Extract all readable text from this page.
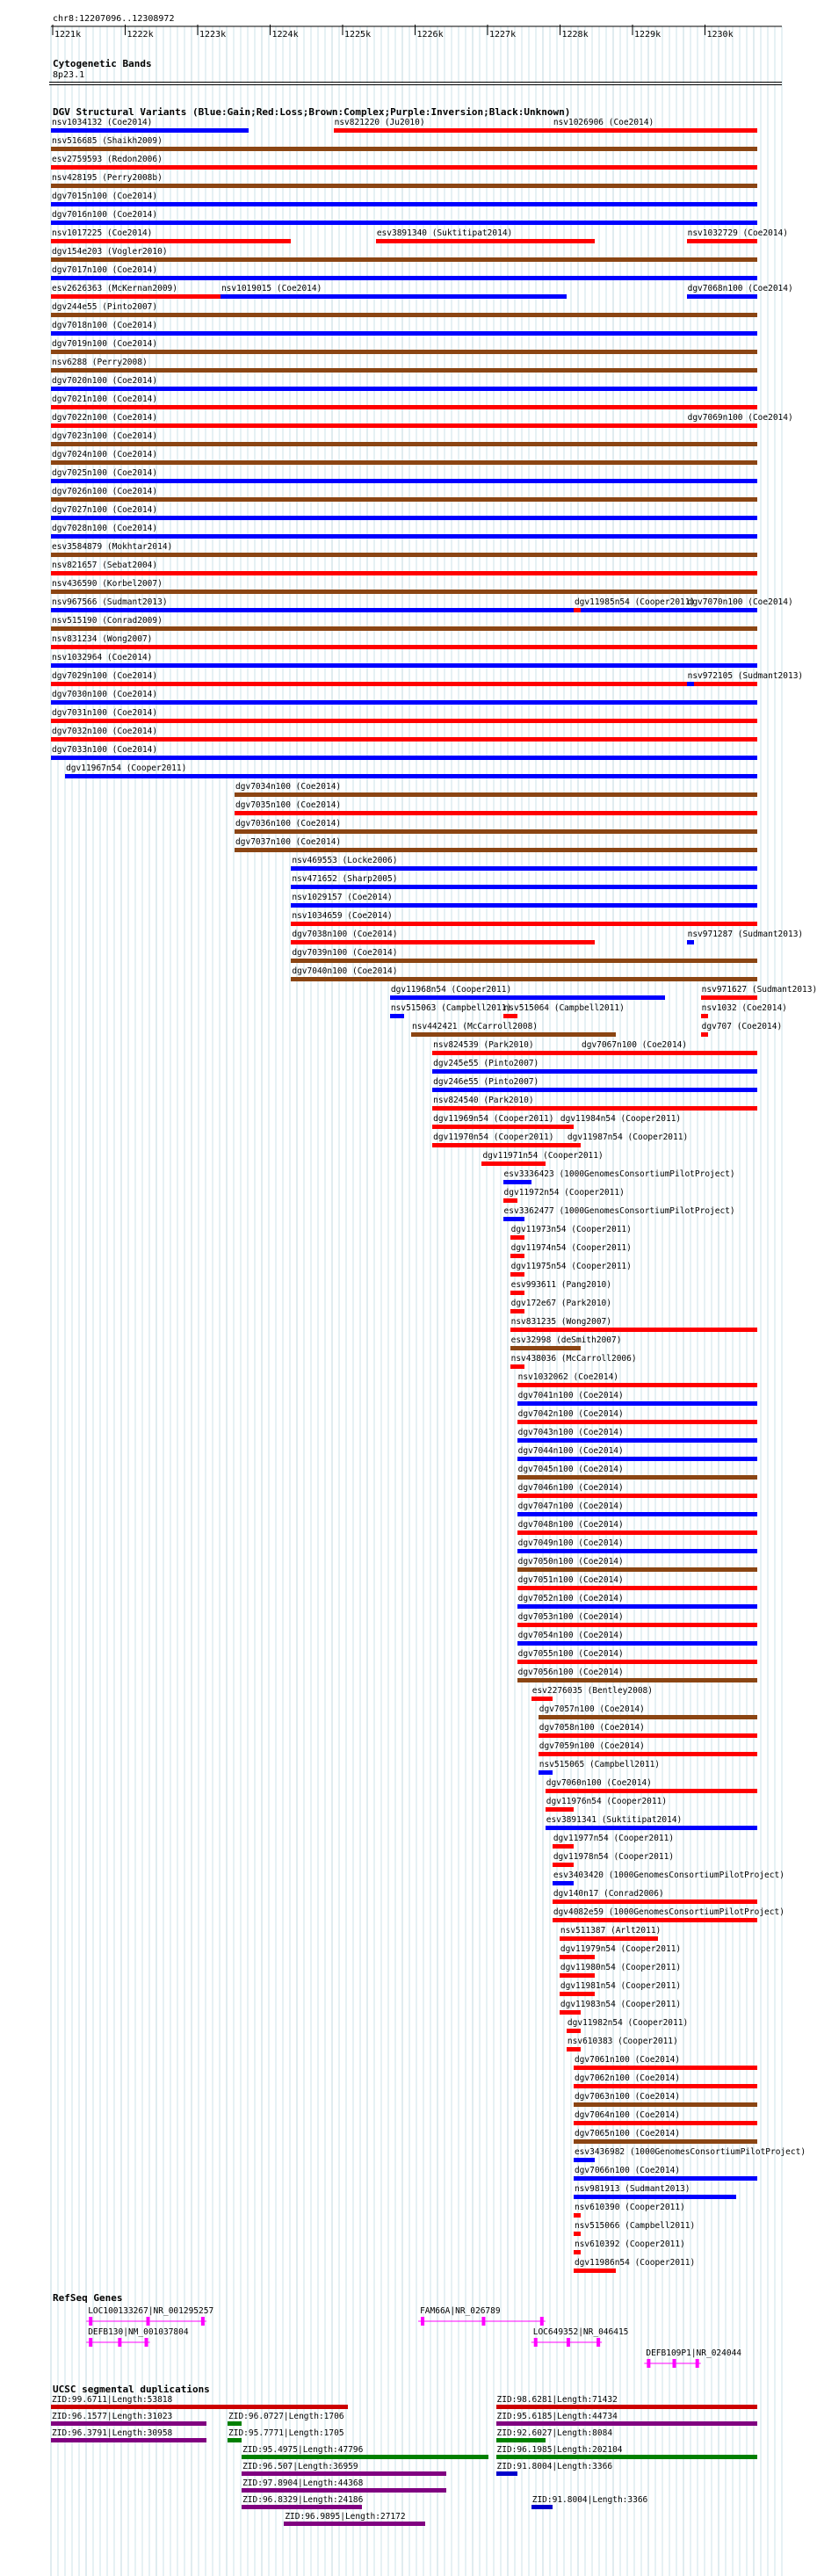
1221k	1222k	1223k	1224k	1225k	1226k	1227k	1228k	1229k	1230k
chr8:12207096..12308972
Cytogenetic Bands
8p23.1
DGV Structural Variants (Blue:Gain;Red:Loss;Brown:Complex;Purple:Inversion;Black:Unknown)
nsv1034132 (Coe2014)	nsv821220 (Ju2010)	nsv1026906 (Coe2014)
nsv516685 (Shaikh2009)
esv2759593 (Redon2006)
nsv428195 (Perry2008b)
dgv7015n100 (Coe2014)
dgv7016n100 (Coe2014)
nsv1017225 (Coe2014)	esv3891340 (Suktitipat2014)	nsv1032729 (Coe2014)
dgv154e203 (Vogler2010)
dgv7017n100 (Coe2014)
esv2626363 (McKernan2009)	nsv1019015 (Coe2014)	dgv7068n100 (Coe2014)
dgv244e55 (Pinto2007)
dgv7018n100 (Coe2014)
dgv7019n100 (Coe2014)
nsv6288 (Perry2008)
dgv7020n100 (Coe2014)
dgv7021n100 (Coe2014)
dgv7022n100 (Coe2014)	dgv7069n100 (Coe2014)
dgv7023n100 (Coe2014)
dgv7024n100 (Coe2014)
dgv7025n100 (Coe2014)
dgv7026n100 (Coe2014)
dgv7027n100 (Coe2014)
dgv7028n100 (Coe2014)
esv3584879 (Mokhtar2014)
nsv821657 (Sebat2004)
nsv436590 (Korbel2007)
nsv967566 (Sudmant2013)	dgv11985n54 (Cooper2011)
dgv7070n100 (Coe2014)
nsv515190 (Conrad2009)
nsv831234 (Wong2007)
nsv1032964 (Coe2014)
dgv7029n100 (Coe2014)	nsv972105 (Sudmant2013)
dgv7030n100 (Coe2014)
dgv7031n100 (Coe2014)
dgv7032n100 (Coe2014)
dgv7033n100 (Coe2014)
dgv11967n54 (Cooper2011)
dgv7034n100 (Coe2014)
dgv7035n100 (Coe2014)
dgv7036n100 (Coe2014)
dgv7037n100 (Coe2014)
nsv469553 (Locke2006)
nsv471652 (Sharp2005)
nsv1029157 (Coe2014)
nsv1034659 (Coe2014)
dgv7038n100 (Coe2014)	nsv971287 (Sudmant2013)
dgv7039n100 (Coe2014)
dgv7040n100 (Coe2014)
dgv11968n54 (Cooper2011)	nsv971627 (Sudmant2013)
nsv515063 (Campbell2011)
nsv515064 (Campbell2011)	nsv1032 (Coe2014)
nsv442421 (McCarroll2008)	dgv707 (Coe2014)
nsv824539 (Park2010)	dgv7067n100 (Coe2014)
dgv245e55 (Pinto2007)
dgv246e55 (Pinto2007)
nsv824540 (Park2010)
dgv11969n54 (Cooper2011) dgv11984n54 (Cooper2011)
dgv11970n54 (Cooper2011) dgv11987n54 (Cooper2011)
dgv11971n54 (Cooper2011)
esv3336423 (1000GenomesConsortiumPilotProject)
dgv11972n54 (Cooper2011)
esv3362477 (1000GenomesConsortiumPilotProject)
dgv11973n54 (Cooper2011)
dgv11974n54 (Cooper2011)
dgv11975n54 (Cooper2011)
esv993611 (Pang2010)
dgv172e67 (Park2010)
nsv831235 (Wong2007)
esv32998 (deSmith2007)
nsv438036 (McCarroll2006)
nsv1032062 (Coe2014)
dgv7041n100 (Coe2014)
dgv7042n100 (Coe2014)
dgv7043n100 (Coe2014)
dgv7044n100 (Coe2014)
dgv7045n100 (Coe2014)
dgv7046n100 (Coe2014)
dgv7047n100 (Coe2014)
dgv7048n100 (Coe2014)
dgv7049n100 (Coe2014)
dgv7050n100 (Coe2014)
dgv7051n100 (Coe2014)
dgv7052n100 (Coe2014)
dgv7053n100 (Coe2014)
dgv7054n100 (Coe2014)
dgv7055n100 (Coe2014)
dgv7056n100 (Coe2014)
esv2276035 (Bentley2008)
dgv7057n100 (Coe2014)
dgv7058n100 (Coe2014)
dgv7059n100 (Coe2014)
nsv515065 (Campbell2011)
dgv7060n100 (Coe2014)
dgv11976n54 (Cooper2011)
esv3891341 (Suktitipat2014)
dgv11977n54 (Cooper2011)
dgv11978n54 (Cooper2011)
esv3403420 (1000GenomesConsortiumPilotProject)
dgv140n17 (Conrad2006)
dgv4082e59 (1000GenomesConsortiumPilotProject)
nsv511387 (Arlt2011)
dgv11979n54 (Cooper2011)
dgv11980n54 (Cooper2011)
dgv11981n54 (Cooper2011)
dgv11983n54 (Cooper2011)
dgv11982n54 (Cooper2011)
nsv610383 (Cooper2011)
dgv7061n100 (Coe2014)
dgv7062n100 (Coe2014)
dgv7063n100 (Coe2014)
dgv7064n100 (Coe2014)
dgv7065n100 (Coe2014)
esv3436982 (1000GenomesConsortiumPilotProject)
dgv7066n100 (Coe2014)
nsv981913 (Sudmant2013)
nsv610390 (Cooper2011)
nsv515066 (Campbell2011)
nsv610392 (Cooper2011)
dgv11986n54 (Cooper2011)
RefSeq Genes
LOC100133267|NR_001295257
DEFB130|NM_001037804
FAM66A|NR_026789
LOC649352|NR_046415
DEFB109P1|NR_024044
UCSC segmental duplications
ZID:99.6711|Length:53818	ZID:98.6281|Length:71432
ZID:96.1577|Length:31023	ZID:96.0727|Length:1706	ZID:95.6185|Length:44734
ZID:96.3791|Length:30958	ZID:95.7771|Length:1705	ZID:92.6027|Length:8084
ZID:95.4975|Length:47796	ZID:96.1985|Length:202104
ZID:96.507|Length:36959	ZID:91.8004|Length:3366
ZID:97.8904|Length:44368
ZID:96.8329|Length:24186	ZID:91.8004|Length:3366
ZID:96.9895|Length:27172
